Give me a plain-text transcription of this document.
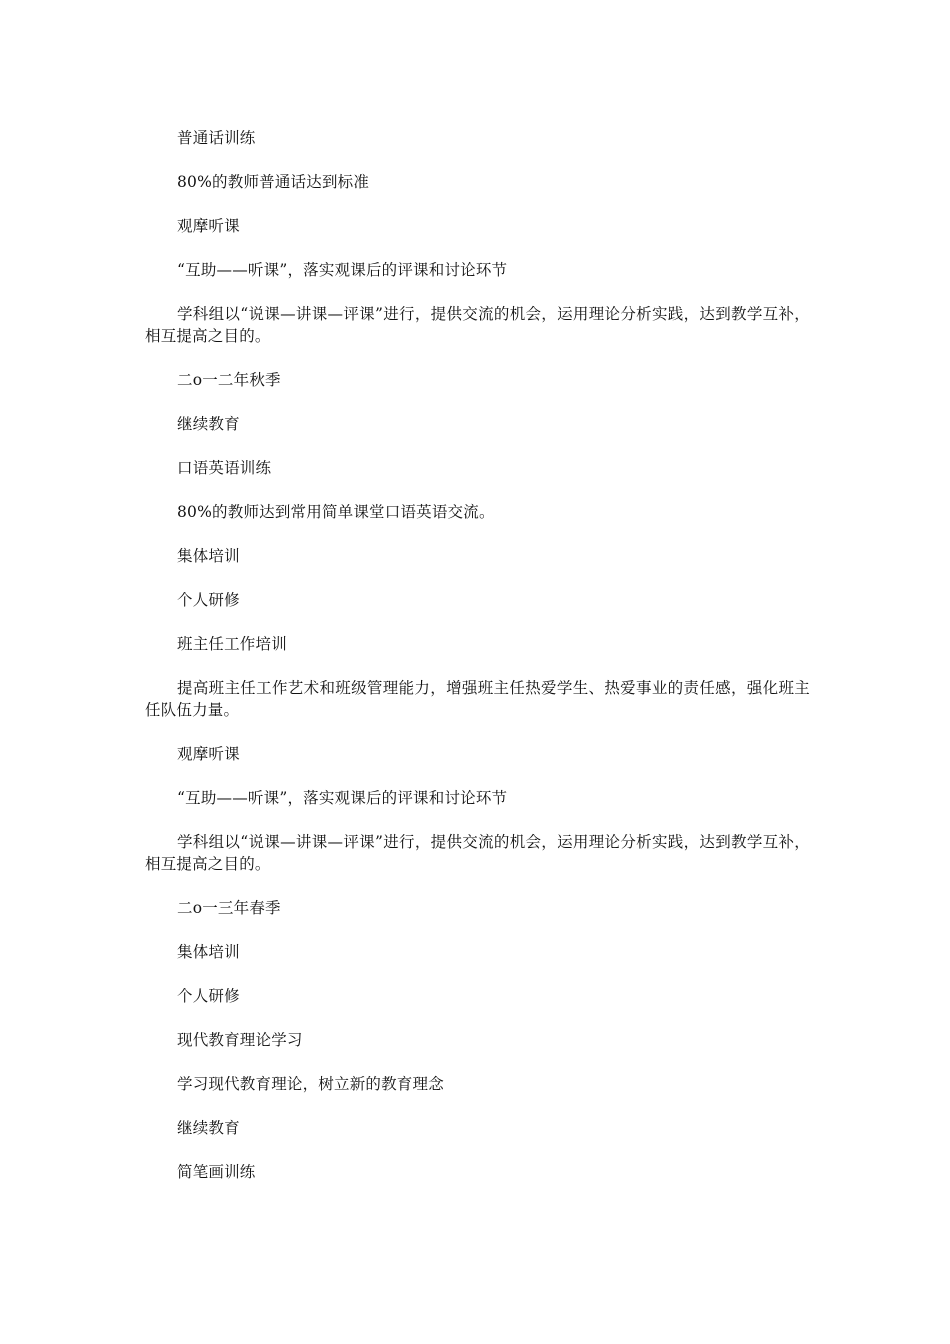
普通话训练

80%的教师普通话达到标准

观摩听课

“互助——听课”，落实观课后的评课和讨论环节

学科组以“说课—讲课—评课”进行，提供交流的机会，运用理论分析实践，达到教学互补，相互提高之目的。

二o一二年秋季

继续教育

口语英语训练

80%的教师达到常用简单课堂口语英语交流。

集体培训

个人研修

班主任工作培训

提高班主任工作艺术和班级管理能力，增强班主任热爱学生、热爱事业的责任感，强化班主任队伍力量。

观摩听课

“互助——听课”，落实观课后的评课和讨论环节

学科组以“说课—讲课—评课”进行，提供交流的机会，运用理论分析实践，达到教学互补，相互提高之目的。

二o一三年春季

集体培训

个人研修

现代教育理论学习

学习现代教育理论，树立新的教育理念

继续教育

简笔画训练
